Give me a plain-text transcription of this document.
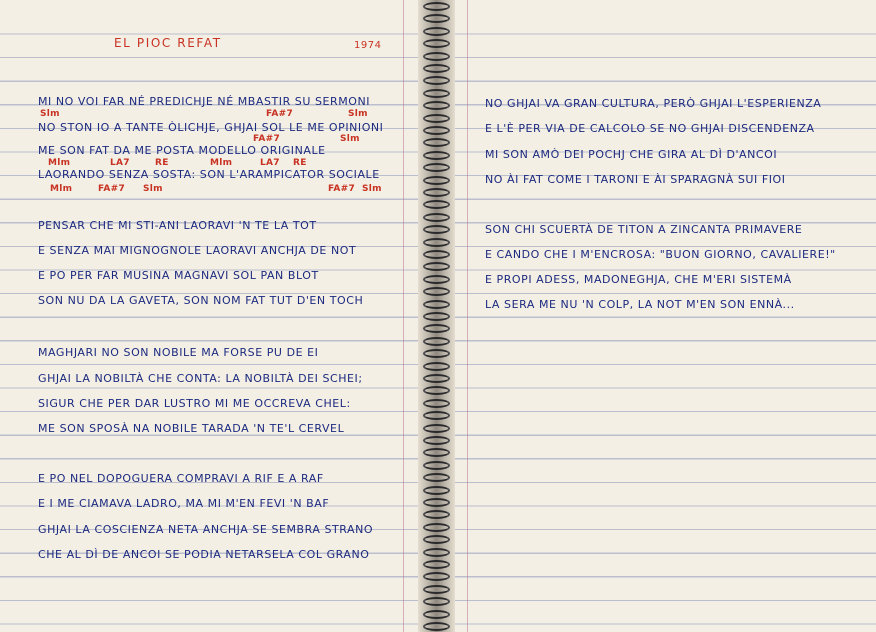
EL PIOC REFAT	1974
MI NO VOI FAR NÉ PREDICHJE NÉ MBASTIR SU SERMONI
Slm	FA#7	Slm
NO STON IO A TANTE ÒLICHJE, GHJAI SOL LE ME OPINIONI
FA#7	Slm
ME SON FAT DA ME POSTA MODELLO ORIGINALE
Mlm	LA7	RE	Mlm	LA7 RE
LAORANDO SENZA SOSTA: SON L'ARAMPICATOR SOCIALE
Mlm	FA#7 Slm	FA#7 Slm
PENSAR CHE MI STI-ANI LAORAVI 'N TE LA TOT
E SENZA MAI MIGNOGNOLE LAORAVI ANCHJA DE NOT
E PO PER FAR MUSINA MAGNAVI SOL PAN BLOT
SON NU DA LA GAVETA, SON NOM FAT TUT D'EN TOCH
MAGHJARI NO SON NOBILE MA FORSE PU DE EI
GHJAI LA NOBILTÀ CHE CONTA: LA NOBILTÀ DEI SCHEI;
SIGUR CHE PER DAR LUSTRO MI ME OCCREVA CHEL:
ME SON SPOSÀ NA NOBILE TARADA 'N TE'L CERVEL
E PO NEL DOPOGUERA COMPRAVI A RIF E A RAF
E I ME CIAMAVA LADRO, MA MI M'EN FEVI 'N BAF
GHJAI LA COSCIENZA NETA ANCHJA SE SEMBRA STRANO
CHE AL DÌ DE ANCOI SE PODIA NETARSELA COL GRANO
NO GHJAI VA GRAN CULTURA, PERÒ GHJAI L'ESPERIENZA
E L'È PER VIA DE CALCOLO SE NO GHJAI DISCENDENZA
MI SON AMÒ DEI POCHJ CHE GIRA AL DÌ D'ANCOI
NO ÀI FAT COME I TARONI E ÀI SPARAGNÀ SUI FIOI
SON CHI SCUERTÀ DE TITON A ZINCANTA PRIMAVERE
E CANDO CHE I M'ENCROSA: "BUON GIORNO, CAVALIERE!"
E PROPI ADESS, MADONEGHJA, CHE M'ERI SISTEMÀ
LA SERA ME NU 'N COLP, LA NOT M'EN SON ENNÀ...
